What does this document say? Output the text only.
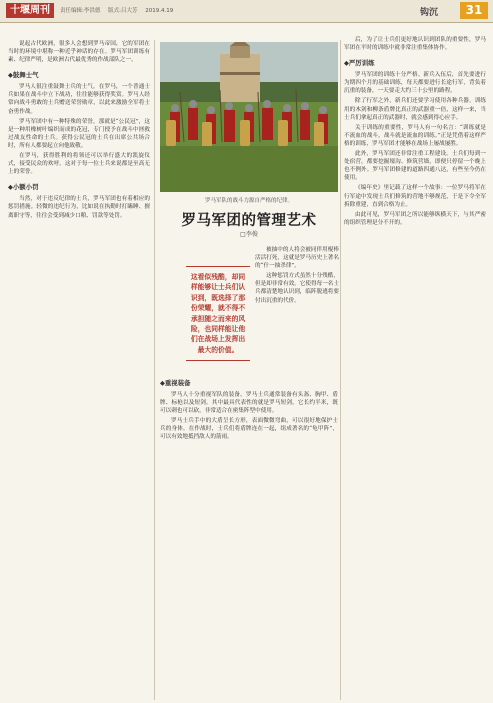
十堰周刊	责任编辑:李洪德 版式:吕大芳 2019.4.19	钩沉	31

说起古代欧洲，很多人会想到罗马帝国，它的军团在当时的环境中堪称一种近乎神话的存在。罗马军团训练有素、纪律严明，是欧洲古代最优秀的作战部队之一。

◆鼓舞士气

罗马人很注重鼓舞士兵的士气。在罗马，一个普通士兵如果在战斗中立下战功，往往能够获得奖赏。罗马人经常向战斗勇敢的士兵赠送荣誉勋章，以此来激励全军将士奋勇作战。

罗马军团中有一种特殊的荣誉，那就是“公民冠”，这是一种用橡树叶编织而成的花冠，专门授予在战斗中拯救过战友性命的士兵。获得公民冠的士兵在出席公共场合时，所有人都要起立向他致敬。

在罗马，获得胜利的将领还可以举行盛大的凯旋仪式，接受民众的欢呼。这对于每一位士兵来说都是至高无上的荣誉。

◆小额小罚

当然，对于违反纪律的士兵，罗马军团也有着相应的惩罚措施。轻微的违纪行为，比如说在执勤时打瞌睡、擅离职守等，往往会受到减少口粮、罚款等处罚。

罗马军队的战斗力源自严格的纪律。
罗马军团的管理艺术
□李俊
这看似残酷，却同样能够让士兵们认识到，既选择了那份荣耀，就不得不承担随之而来的风险，也同样能让他们在战场上发挥出最大的价值。

被抽中的人将会被同伴用棍棒活活打死，这就是罗马历史上著名的“什一抽杀律”。

这种惩罚方式虽然十分残酷，但是却非常有效。它使得每一名士兵都清楚地认识到，临阵脱逃将要付出沉重的代价。

◆重视装备

罗马人十分重视军队的装备。罗马士兵通常装备有头盔、胸甲、盾牌、标枪以及短剑。其中最具代表性的就是罗马短剑，它长约半米，既可以刺也可以砍，非常适合在密集阵型中使用。

罗马士兵手中的大盾呈长方形，表面微微弯曲，可以很好地保护士兵的身体。在作战时，士兵们将盾牌连在一起，组成著名的“龟甲阵”，可以有效地抵挡敌人的箭雨。

后，为了让士兵们更好地认识到团队的重要性，罗马军团在平时的训练中就非常注重集体协作。

◆严厉训练

罗马军团的训练十分严格。新兵入伍后，首先要进行为期四个月的基础训练，每天都要进行长途行军，背负着沉重的装备，一天要走大约三十公里的路程。

除了行军之外，新兵们还要学习使用各种兵器。训练用的木剑和柳条盾牌比真正的武器重一倍，这样一来，当士兵们拿起真正的武器时，就会感到得心应手。

关于训练的重要性，罗马人有一句名言：“训练就是不流血的战斗，战斗就是流血的训练。”正是凭借着这样严格的训练，罗马军团才能够在战场上屡战屡胜。

此外，罗马军团还非常注重工程建设。士兵们每到一处宿营，都要挖掘壕沟、修筑营墙，即便只停留一个晚上也不例外。罗马军团修建的道路四通八达，有些至今仍在使用。

《编年史》里记载了这样一个故事：一位罗马将军在行军途中发现士兵们修筑的营地不够规范，于是下令全军拆除重建，直到合格为止。

由此可见，罗马军团之所以能够纵横天下，与其严密的组织管理是分不开的。
